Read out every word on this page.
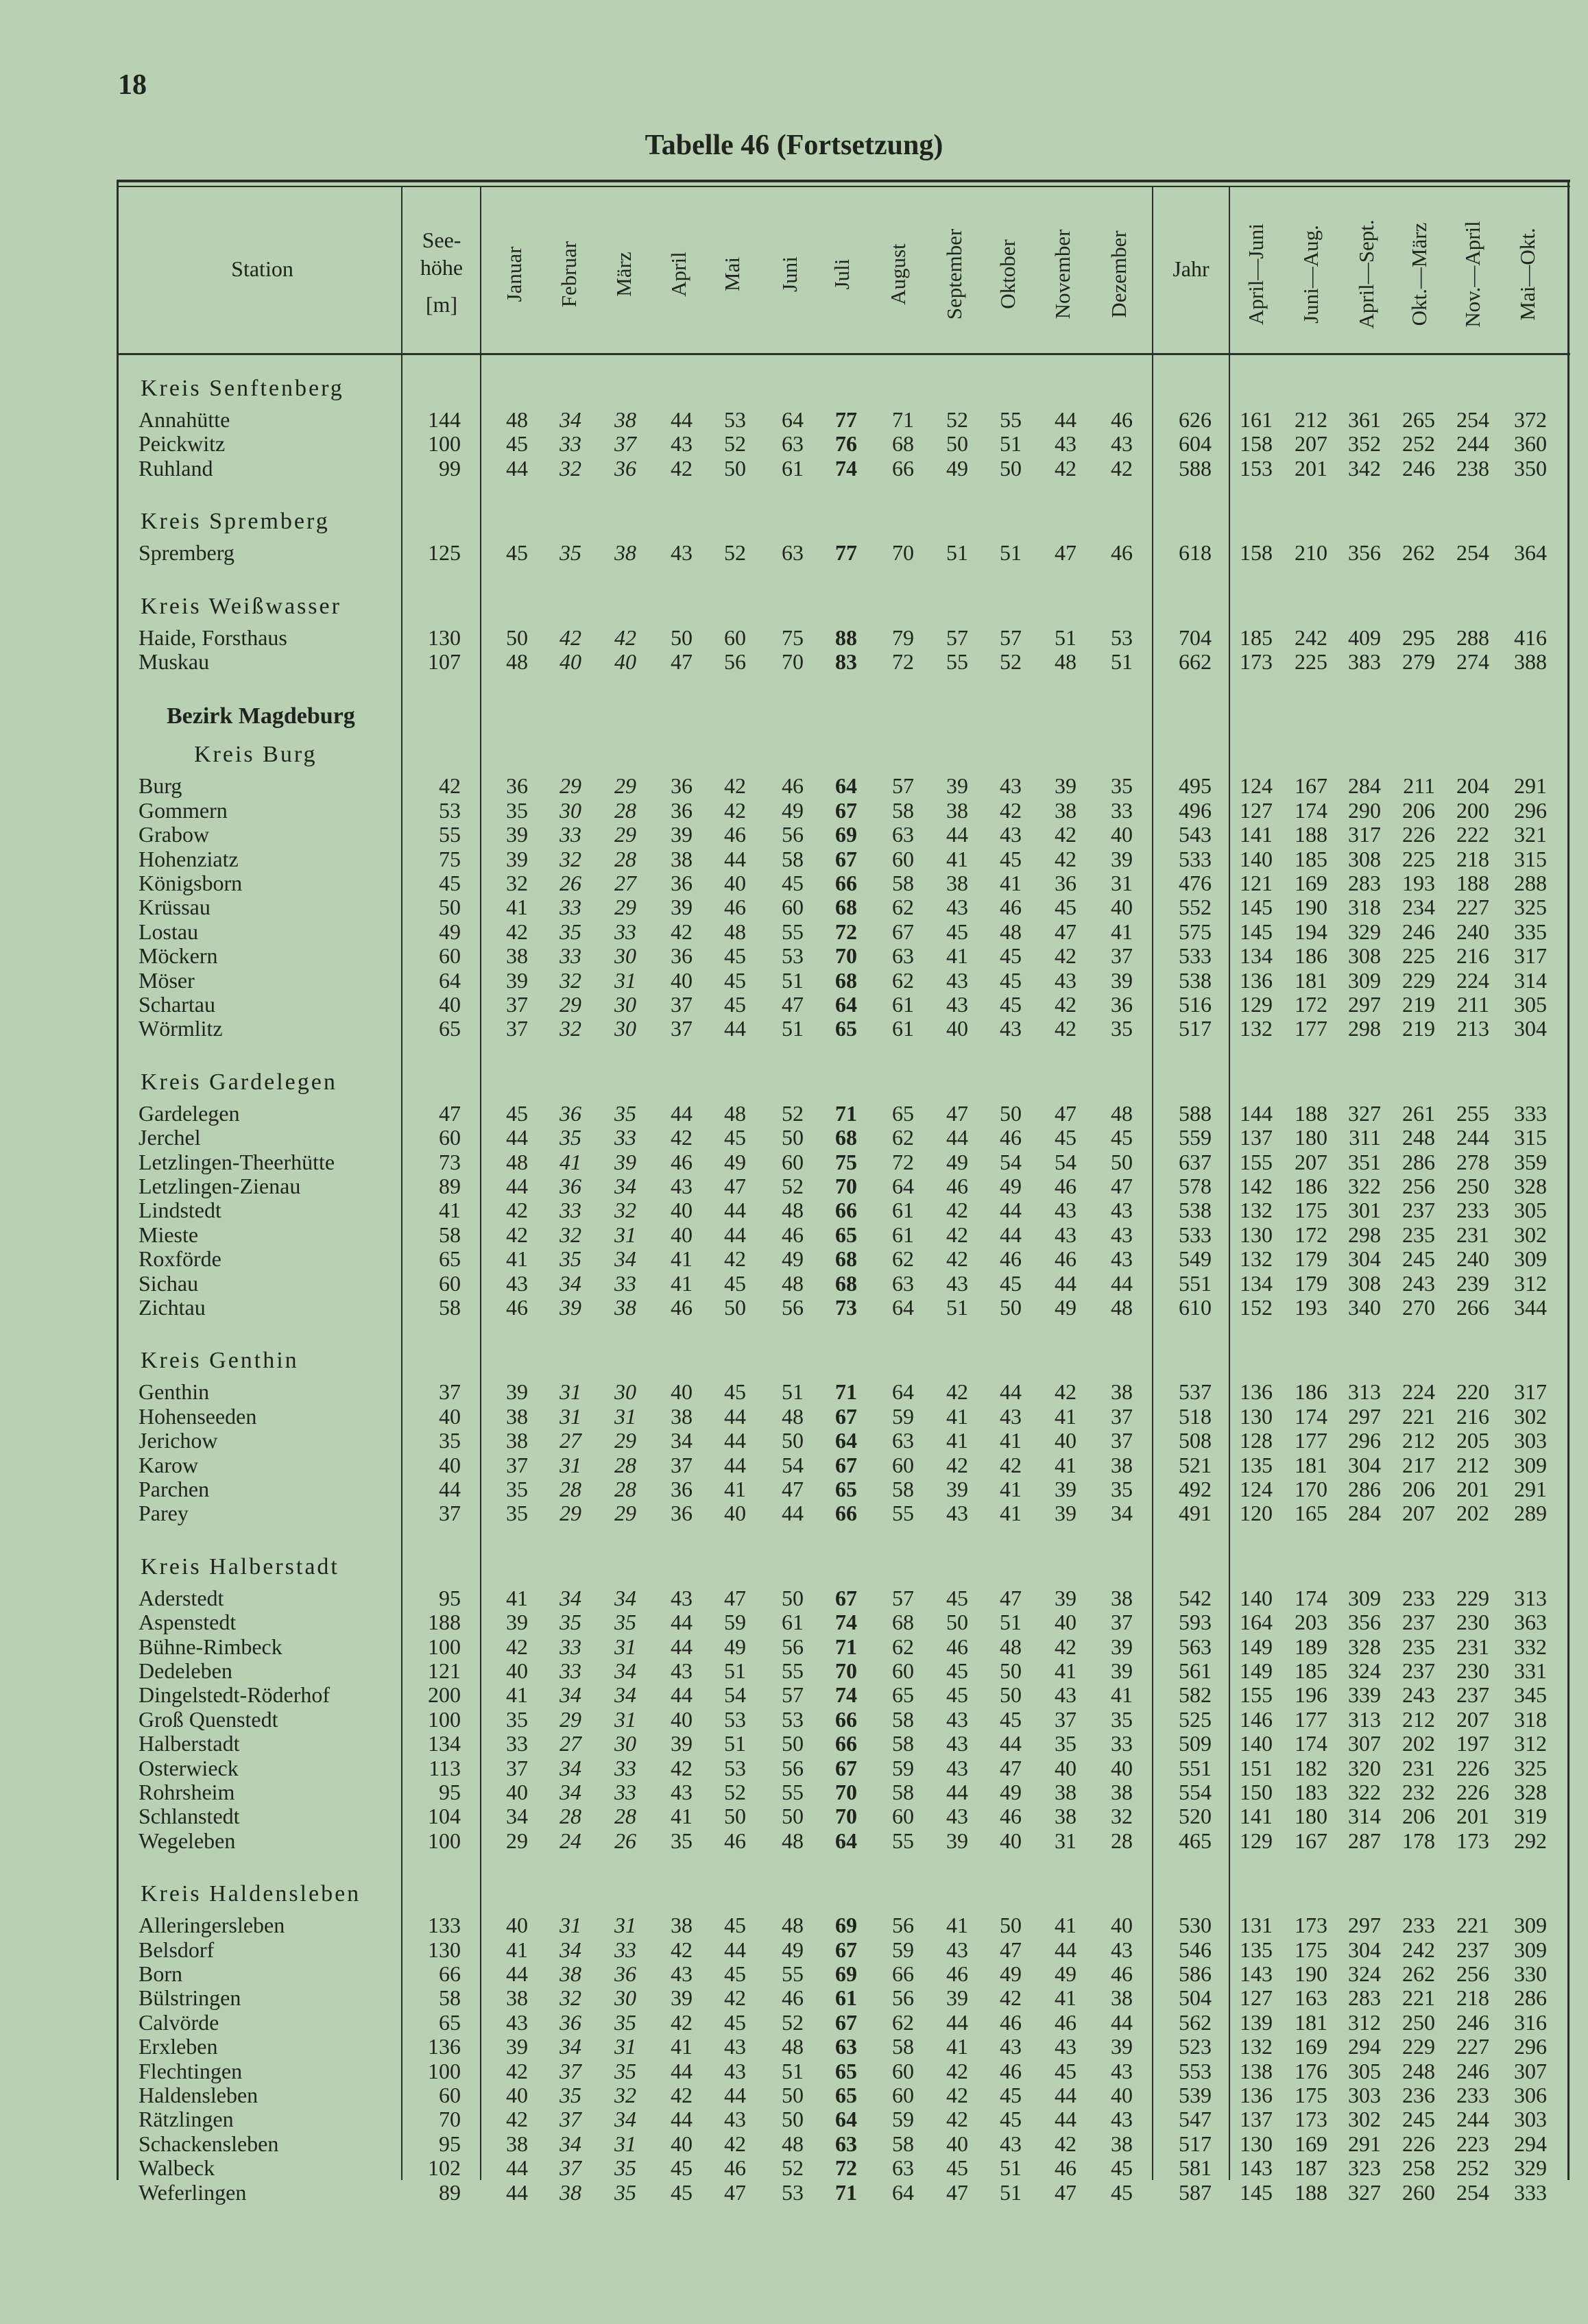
18
Tabelle 46 (Fortsetzung)
Station
See-
höhe
[m]
Januar Februar März April Mai Juni Juli August September Oktober November Dezember	Jahr	April—Juni Juni—Aug. April—Sept. Okt.—März Nov.—April Mai—Okt.
Kreis Senftenberg
Annahütte	144 48 34 38 44 53 64 77 71 52 55 44 46 626 161 212 361 265 254 372
Peickwitz	100 45 33 37 43 52 63 76 68 50 51 43 43 604 158 207 352 252 244 360
Ruhland	99 44 32 36 42 50 61 74 66 49 50 42 42 588 153 201 342 246 238 350
Kreis Spremberg
Spremberg	125 45 35 38 43 52 63 77 70 51 51 47 46 618 158 210 356 262 254 364
Kreis Weißwasser
Haide, Forsthaus	130 50 42 42 50 60 75 88 79 57 57 51 53 704 185 242 409 295 288 416
Muskau	107 48 40 40 47 56 70 83 72 55 52 48 51 662 173 225 383 279 274 388
Bezirk Magdeburg
Kreis Burg
Burg	42 36 29 29 36 42 46 64 57 39 43 39 35 495 124 167 284 211 204 291
Gommern	53 35 30 28 36 42 49 67 58 38 42 38 33 496 127 174 290 206 200 296
Grabow	55 39 33 29 39 46 56 69 63 44 43 42 40 543 141 188 317 226 222 321
Hohenziatz	75 39 32 28 38 44 58 67 60 41 45 42 39 533 140 185 308 225 218 315
Königsborn	45 32 26 27 36 40 45 66 58 38 41 36 31 476 121 169 283 193 188 288
Krüssau	50 41 33 29 39 46 60 68 62 43 46 45 40 552 145 190 318 234 227 325
Lostau	49 42 35 33 42 48 55 72 67 45 48 47 41 575 145 194 329 246 240 335
Möckern	60 38 33 30 36 45 53 70 63 41 45 42 37 533 134 186 308 225 216 317
Möser	64 39 32 31 40 45 51 68 62 43 45 43 39 538 136 181 309 229 224 314
Schartau	40 37 29 30 37 45 47 64 61 43 45 42 36 516 129 172 297 219 211 305
Wörmlitz	65 37 32 30 37 44 51 65 61 40 43 42 35 517 132 177 298 219 213 304
Kreis Gardelegen
Gardelegen	47 45 36 35 44 48 52 71 65 47 50 47 48 588 144 188 327 261 255 333
Jerchel	60 44 35 33 42 45 50 68 62 44 46 45 45 559 137 180 311 248 244 315
Letzlingen-Theerhütte	73 48 41 39 46 49 60 75 72 49 54 54 50 637 155 207 351 286 278 359
Letzlingen-Zienau	89 44 36 34 43 47 52 70 64 46 49 46 47 578 142 186 322 256 250 328
Lindstedt	41 42 33 32 40 44 48 66 61 42 44 43 43 538 132 175 301 237 233 305
Mieste	58 42 32 31 40 44 46 65 61 42 44 43 43 533 130 172 298 235 231 302
Roxförde	65 41 35 34 41 42 49 68 62 42 46 46 43 549 132 179 304 245 240 309
Sichau	60 43 34 33 41 45 48 68 63 43 45 44 44 551 134 179 308 243 239 312
Zichtau	58 46 39 38 46 50 56 73 64 51 50 49 48 610 152 193 340 270 266 344
Kreis Genthin
Genthin	37 39 31 30 40 45 51 71 64 42 44 42 38 537 136 186 313 224 220 317
Hohenseeden	40 38 31 31 38 44 48 67 59 41 43 41 37 518 130 174 297 221 216 302
Jerichow	35 38 27 29 34 44 50 64 63 41 41 40 37 508 128 177 296 212 205 303
Karow	40 37 31 28 37 44 54 67 60 42 42 41 38 521 135 181 304 217 212 309
Parchen	44 35 28 28 36 41 47 65 58 39 41 39 35 492 124 170 286 206 201 291
Parey	37 35 29 29 36 40 44 66 55 43 41 39 34 491 120 165 284 207 202 289
Kreis Halberstadt
Aderstedt	95 41 34 34 43 47 50 67 57 45 47 39 38 542 140 174 309 233 229 313
Aspenstedt	188 39 35 35 44 59 61 74 68 50 51 40 37 593 164 203 356 237 230 363
Bühne-Rimbeck	100 42 33 31 44 49 56 71 62 46 48 42 39 563 149 189 328 235 231 332
Dedeleben	121 40 33 34 43 51 55 70 60 45 50 41 39 561 149 185 324 237 230 331
Dingelstedt-Röderhof	200 41 34 34 44 54 57 74 65 45 50 43 41 582 155 196 339 243 237 345
Groß Quenstedt	100 35 29 31 40 53 53 66 58 43 45 37 35 525 146 177 313 212 207 318
Halberstadt	134 33 27 30 39 51 50 66 58 43 44 35 33 509 140 174 307 202 197 312
Osterwieck	113 37 34 33 42 53 56 67 59 43 47 40 40 551 151 182 320 231 226 325
Rohrsheim	95 40 34 33 43 52 55 70 58 44 49 38 38 554 150 183 322 232 226 328
Schlanstedt	104 34 28 28 41 50 50 70 60 43 46 38 32 520 141 180 314 206 201 319
Wegeleben	100 29 24 26 35 46 48 64 55 39 40 31 28 465 129 167 287 178 173 292
Kreis Haldensleben
Alleringersleben	133 40 31 31 38 45 48 69 56 41 50 41 40 530 131 173 297 233 221 309
Belsdorf	130 41 34 33 42 44 49 67 59 43 47 44 43 546 135 175 304 242 237 309
Born	66 44 38 36 43 45 55 69 66 46 49 49 46 586 143 190 324 262 256 330
Bülstringen	58 38 32 30 39 42 46 61 56 39 42 41 38 504 127 163 283 221 218 286
Calvörde	65 43 36 35 42 45 52 67 62 44 46 46 44 562 139 181 312 250 246 316
Erxleben	136 39 34 31 41 43 48 63 58 41 43 43 39 523 132 169 294 229 227 296
Flechtingen	100 42 37 35 44 43 51 65 60 42 46 45 43 553 138 176 305 248 246 307
Haldensleben	60 40 35 32 42 44 50 65 60 42 45 44 40 539 136 175 303 236 233 306
Rätzlingen	70 42 37 34 44 43 50 64 59 42 45 44 43 547 137 173 302 245 244 303
Schackensleben	95 38 34 31 40 42 48 63 58 40 43 42 38 517 130 169 291 226 223 294
Walbeck	102 44 37 35 45 46 52 72 63 45 51 46 45 581 143 187 323 258 252 329
Weferlingen	89 44 38 35 45 47 53 71 64 47 51 47 45 587 145 188 327 260 254 333
